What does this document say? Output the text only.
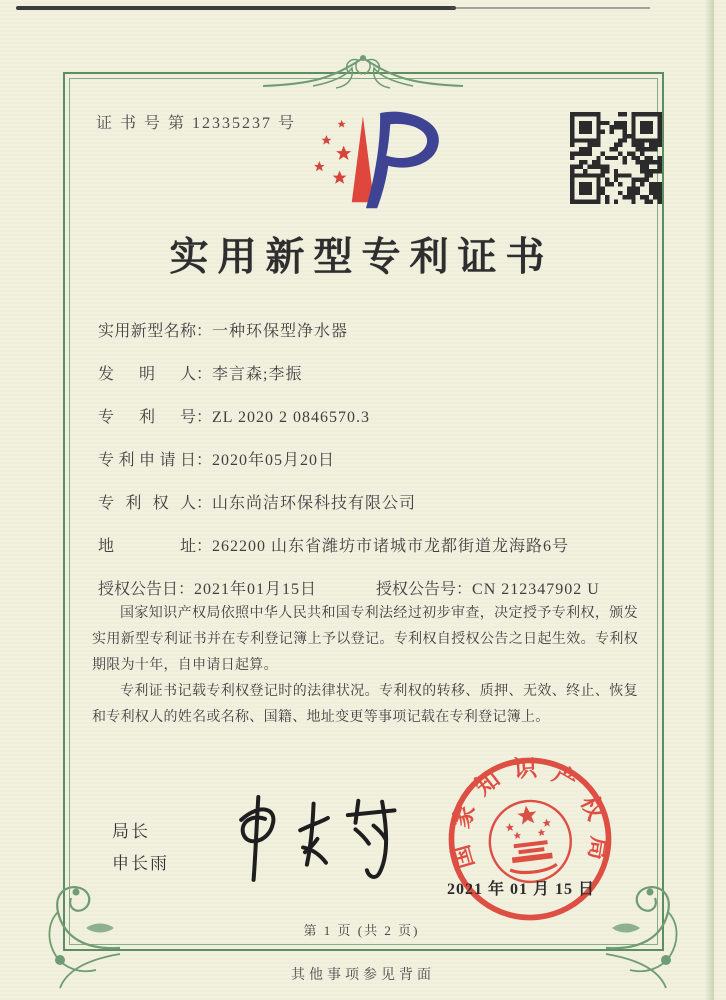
证 书 号 第 12335237 号
实用新型专利证书
实用新型名称：一种环保型净水器
发明人：李言森;李振
专利号：ZL 2020 2 0846570.3
专利申请日：2020年05月20日
专利权人：山东尚洁环保科技有限公司
地址：262200 山东省潍坊市诸城市龙都街道龙海路6号
授权公告日：2021年01月15日	授权公告号：CN 212347902 U

国家知识产权局依照中华人民共和国专利法经过初步审查，决定授予专利权，颁发实用新型专利证书并在专利登记簿上予以登记。专利权自授权公告之日起生效。专利权期限为十年，自申请日起算。

专利证书记载专利权登记时的法律状况。专利权的转移、质押、无效、终止、恢复和专利权人的姓名或名称、国籍、地址变更等事项记载在专利登记簿上。

局长
申长雨	国家知识产权局
2021 年 01 月 15 日
第 1 页 (共 2 页)
其他事项参见背面
